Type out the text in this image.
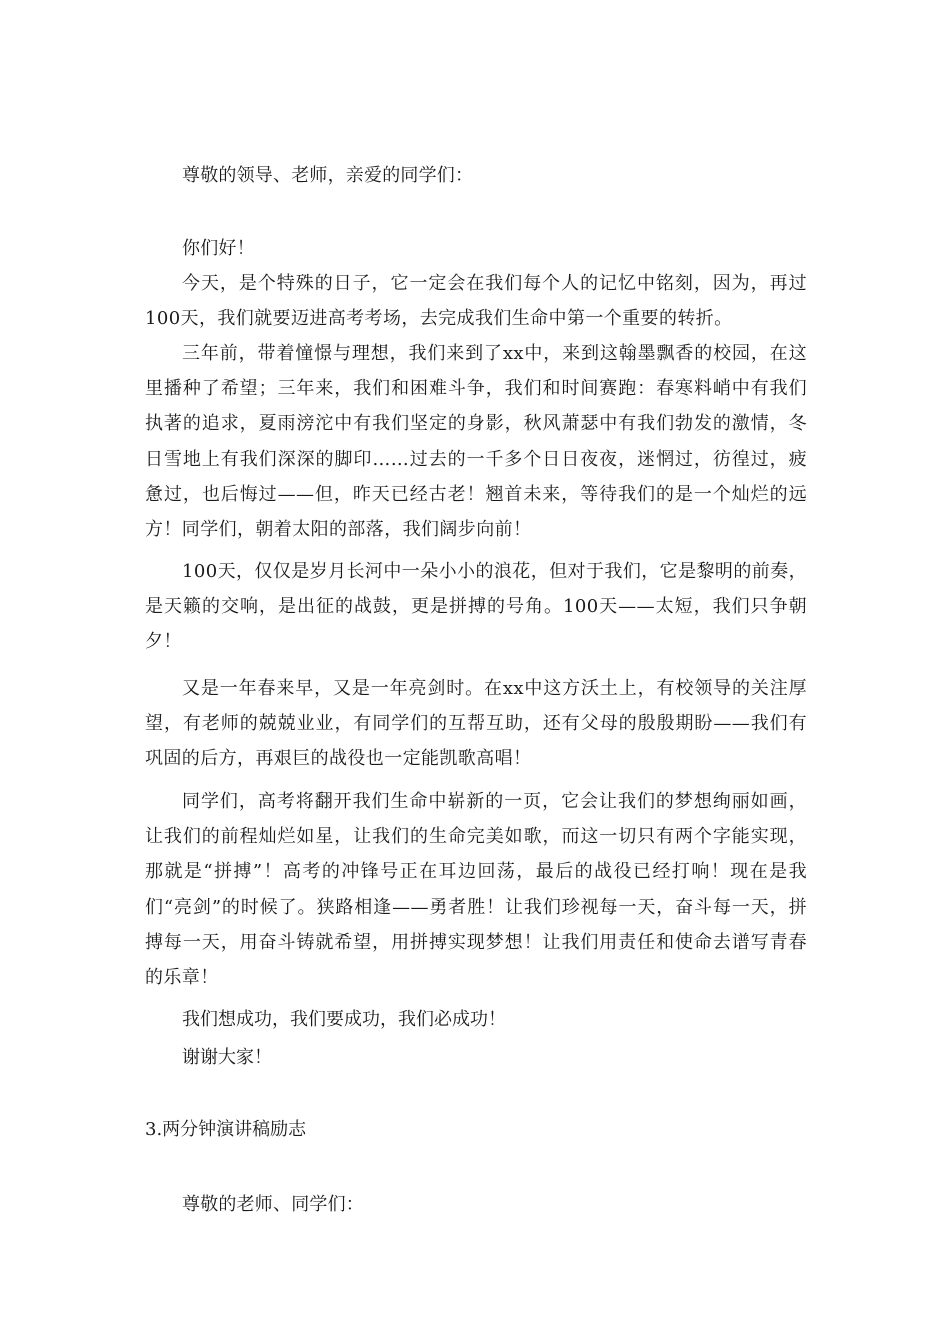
尊敬的领导、老师，亲爱的同学们：
你们好！

今天，是个特殊的日子，它一定会在我们每个人的记忆中铭刻，因为，再过100天，我们就要迈进高考考场，去完成我们生命中第一个重要的转折。

三年前，带着憧憬与理想，我们来到了xx中，来到这翰墨飘香的校园，在这里播种了希望；三年来，我们和困难斗争，我们和时间赛跑：春寒料峭中有我们执著的追求，夏雨滂沱中有我们坚定的身影，秋风萧瑟中有我们勃发的激情，冬日雪地上有我们深深的脚印……过去的一千多个日日夜夜，迷惘过，彷徨过，疲惫过，也后悔过——但，昨天已经古老！翘首未来，等待我们的是一个灿烂的远方！同学们，朝着太阳的部落，我们阔步向前！

100天，仅仅是岁月长河中一朵小小的浪花，但对于我们，它是黎明的前奏，是天籁的交响，是出征的战鼓，更是拼搏的号角。100天——太短，我们只争朝夕！

又是一年春来早，又是一年亮剑时。在xx中这方沃土上，有校领导的关注厚望，有老师的兢兢业业，有同学们的互帮互助，还有父母的殷殷期盼——我们有巩固的后方，再艰巨的战役也一定能凯歌高唱！

同学们，高考将翻开我们生命中崭新的一页，它会让我们的梦想绚丽如画，让我们的前程灿烂如星，让我们的生命完美如歌，而这一切只有两个字能实现，那就是“拼搏”！高考的冲锋号正在耳边回荡，最后的战役已经打响！现在是我们“亮剑”的时候了。狭路相逢——勇者胜！让我们珍视每一天，奋斗每一天，拼搏每一天，用奋斗铸就希望，用拼搏实现梦想！让我们用责任和使命去谱写青春的乐章！

我们想成功，我们要成功，我们必成功！
谢谢大家！
3.两分钟演讲稿励志
尊敬的老师、同学们：
